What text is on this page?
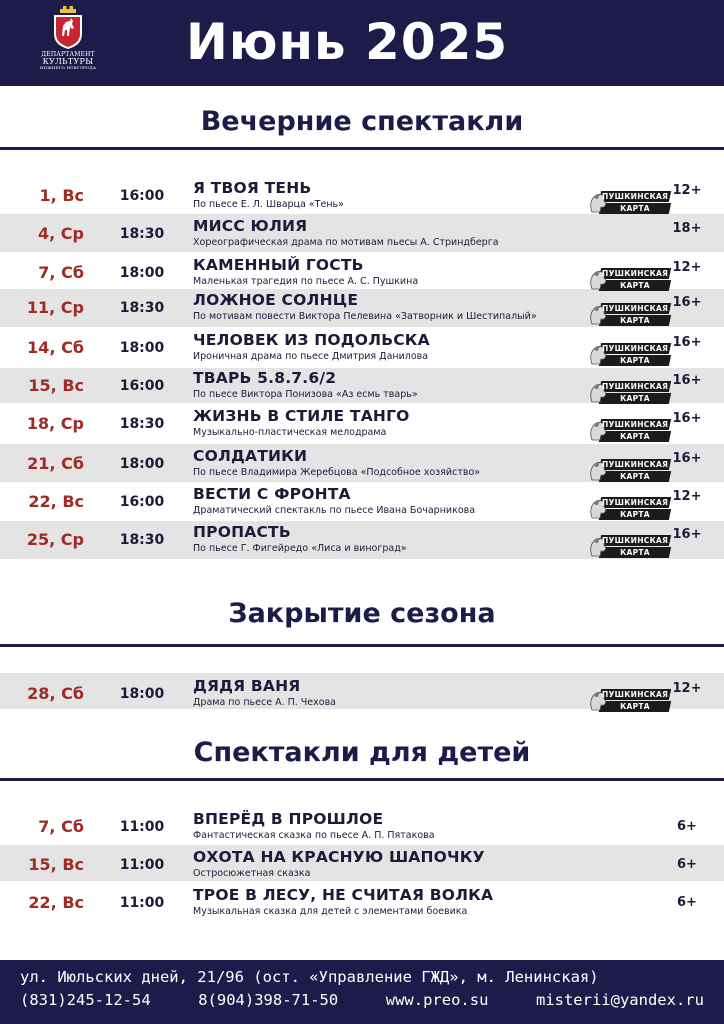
ДЕПАРТАМЕНТ
КУЛЬТУРЫ
НИЖНЕГО НОВГОРОДА Июнь 2025
Вечерние спектакли
Закрытие сезона
Спектакли для детей
1, Вс	16:00 Я ТВОЯ ТЕНЬ
По пьесе Е. Л. Шварца «Тень»
12+
ПУШКИНСКАЯ
КАРТА
4, Ср	18:30 МИСС ЮЛИЯ
Хореографическая драма по мотивам пьесы А. Стриндберга
18+
7, Сб	18:00 КАМЕННЫЙ ГОСТЬ
Маленькая трагедия по пьесе А. С. Пушкина
12+
ПУШКИНСКАЯ
КАРТА
11, Ср	18:30 ЛОЖНОЕ СОЛНЦЕ
По мотивам повести Виктора Пелевина «Затворник и Шестипалый»
16+
ПУШКИНСКАЯ
КАРТА
14, Сб	18:00 ЧЕЛОВЕК ИЗ ПОДОЛЬСКА
Ироничная драма по пьесе Дмитрия Данилова
16+
ПУШКИНСКАЯ
КАРТА
15, Вс	16:00 ТВАРЬ 5.8.7.6/2
По пьесе Виктора Понизова «Аз есмь тварь»
16+
ПУШКИНСКАЯ
КАРТА
18, Ср	18:30 ЖИЗНЬ В СТИЛЕ ТАНГО
Музыкально-пластическая мелодрама
16+
ПУШКИНСКАЯ
КАРТА
21, Сб	18:00 СОЛДАТИКИ
По пьесе Владимира Жеребцова «Подсобное хозяйство»
16+
ПУШКИНСКАЯ
КАРТА
22, Вс	16:00 ВЕСТИ С ФРОНТА
Драматический спектакль по пьесе Ивана Бочарникова
12+
ПУШКИНСКАЯ
КАРТА
25, Ср	18:30 ПРОПАСТЬ
По пьесе Г. Фигейредо «Лиса и виноград»
16+
ПУШКИНСКАЯ
КАРТА
28, Сб	18:00 ДЯДЯ ВАНЯ
Драма по пьесе А. П. Чехова
12+
ПУШКИНСКАЯ
КАРТА
7, Сб	11:00 ВПЕРЁД В ПРОШЛОЕ
Фантастическая сказка по пьесе А. П. Пятакова
6+
15, Вс	11:00 ОХОТА НА КРАСНУЮ ШАПОЧКУ
Остросюжетная сказка
6+
22, Вс	11:00 ТРОЕ В ЛЕСУ, НЕ СЧИТАЯ ВОЛКА
Музыкальная сказка для детей с элементами боевика
6+
ул. Июльских дней, 21/96 (ост. «Управление ГЖД», м. Ленинская)
(831)245-12-54	8(904)398-71-50	www.preo.su	misterii@yandex.ru
